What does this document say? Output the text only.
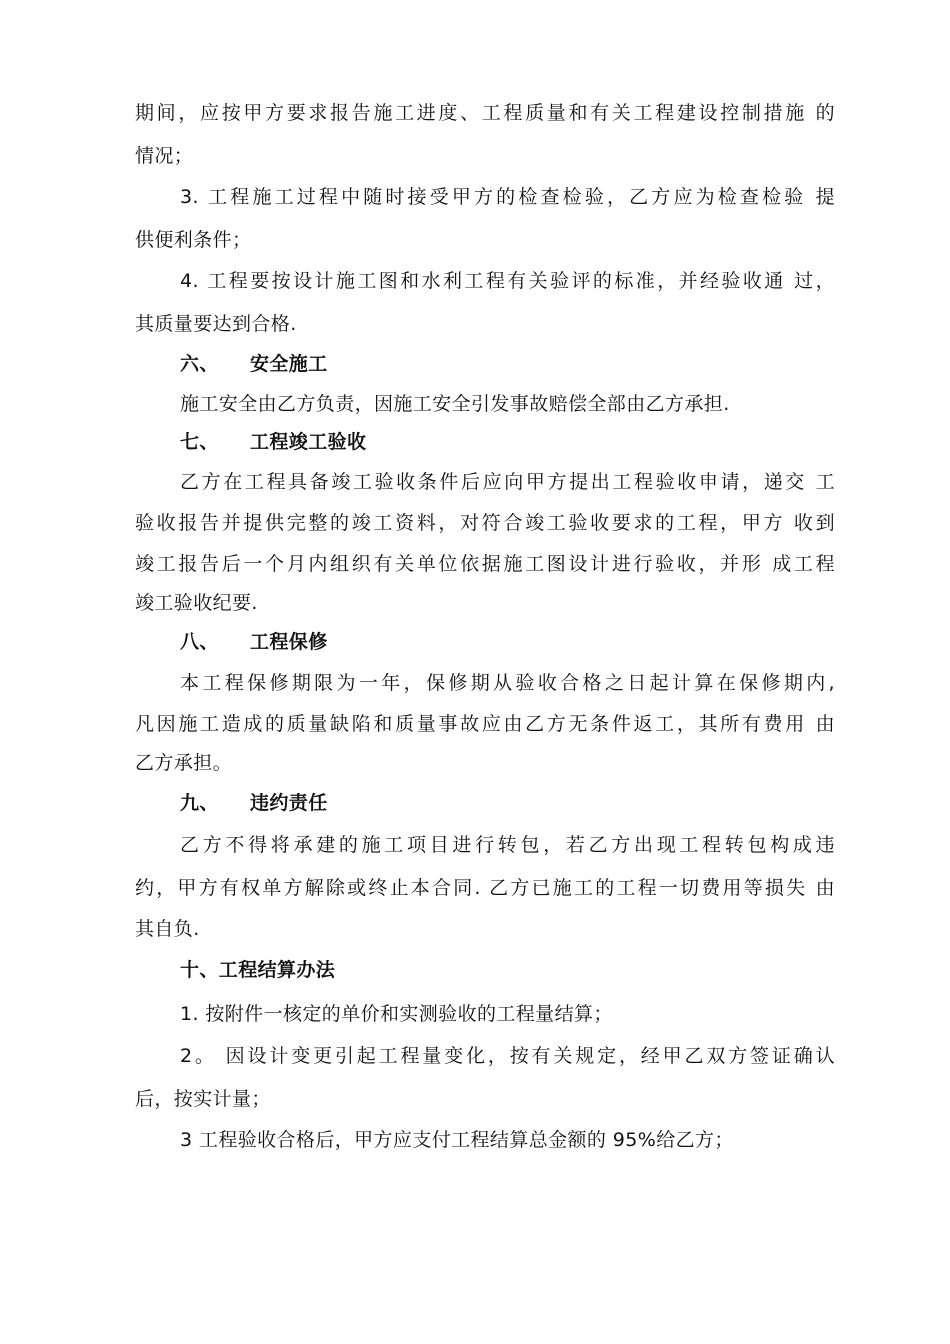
期间，应按甲方要求报告施工进度、工程质量和有关工程建设控制措施 的
情况；
3. 工程施工过程中随时接受甲方的检查检验，乙方应为检查检验 提
供便利条件；
4. 工程要按设计施工图和水利工程有关验评的标准，并经验收通 过，
其质量要达到合格.
六、 安全施工
施工安全由乙方负责，因施工安全引发事故赔偿全部由乙方承担.
七、 工程竣工验收
乙方在工程具备竣工验收条件后应向甲方提出工程验收申请，递交 工
验收报告并提供完整的竣工资料，对符合竣工验收要求的工程，甲方 收到
竣工报告后一个月内组织有关单位依据施工图设计进行验收，并形 成工程
竣工验收纪要.
八、 工程保修
本工程保修期限为一年，保修期从验收合格之日起计算在保修期内,
凡因施工造成的质量缺陷和质量事故应由乙方无条件返工，其所有费用 由
乙方承担。
九、 违约责任
乙方不得将承建的施工项目进行转包，若乙方出现工程转包构成违
约，甲方有权单方解除或终止本合同. 乙方已施工的工程一切费用等损失 由
其自负.
十、工程结算办法
1. 按附件一核定的单价和实测验收的工程量结算；
2。 因设计变更引起工程量变化，按有关规定，经甲乙双方签证确认
后，按实计量；
3 工程验收合格后，甲方应支付工程结算总金额的 95%给乙方；
